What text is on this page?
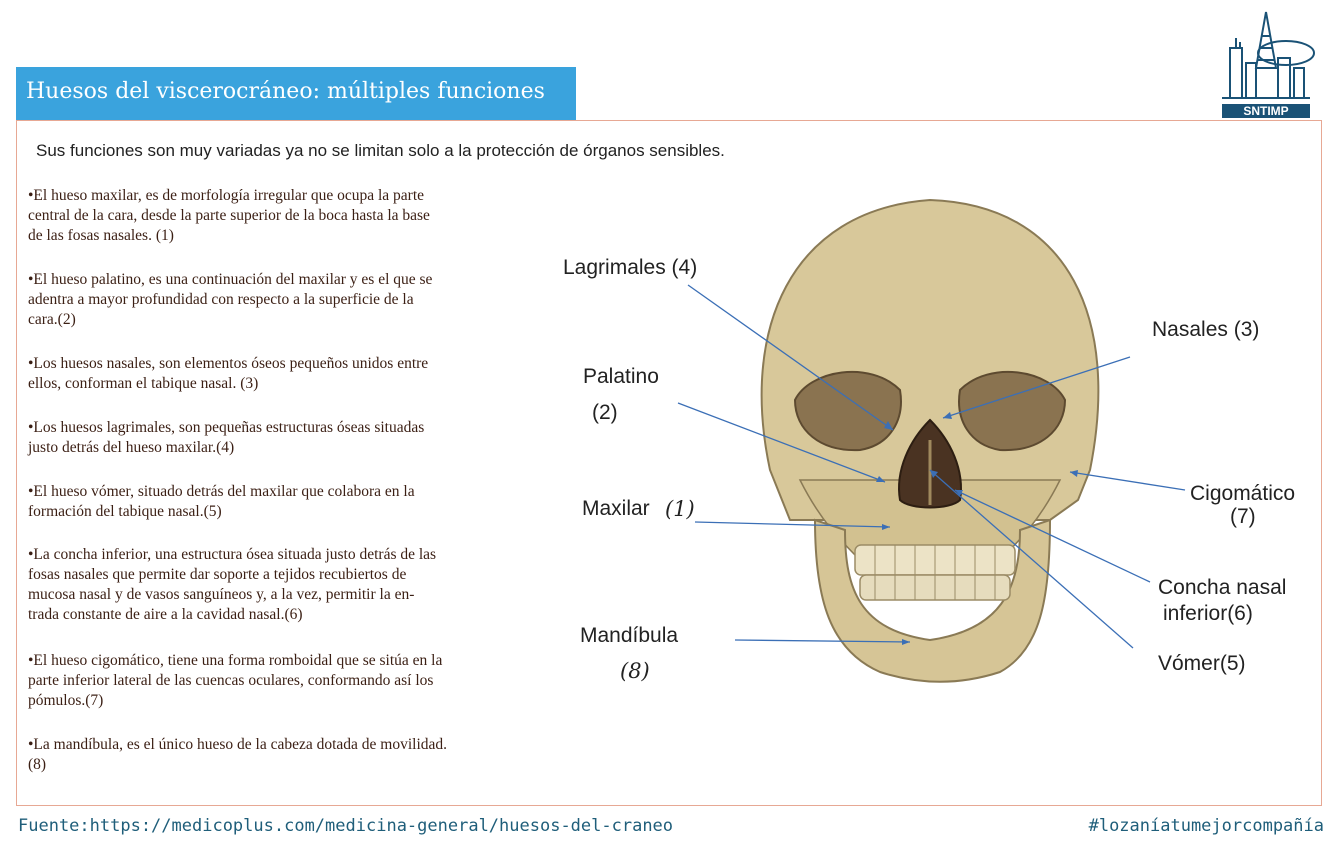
Huesos del viscerocráneo: múltiples funciones
SNTIMP
Sus funciones son muy variadas ya no se limitan solo a la protección de órganos sensibles.
•El hueso maxilar, es de morfología irregular que ocupa la parte
central de la cara, desde la parte superior de la boca hasta la base
de las fosas nasales. (1)
•El hueso palatino, es una continuación del maxilar y es el que se
adentra a mayor profundidad con respecto a la superficie de la
cara.(2)
•Los huesos nasales, son elementos óseos pequeños unidos entre
ellos, conforman el tabique nasal. (3)
•Los huesos lagrimales, son pequeñas estructuras óseas situadas
justo detrás del hueso maxilar.(4)
•El hueso vómer, situado detrás del maxilar que colabora en la
formación del tabique nasal.(5)
•La concha inferior, una estructura ósea situada justo detrás de las
fosas nasales que permite dar soporte a tejidos recubiertos de
mucosa nasal y de vasos sanguíneos y, a la vez, permitir la en-
trada constante de aire a la cavidad nasal.(6)
•El hueso cigomático, tiene una forma romboidal que se sitúa en la
parte inferior lateral de las cuencas oculares, conformando así los
pómulos.(7)
•La mandíbula, es el único hueso de la cabeza dotada de movilidad.
(8)
Lagrimales (4)
Palatino
(2)
Maxilar (1)
Mandíbula
(8)
Nasales (3)
Cigomático
(7)
Concha nasal
inferior(6)
Vómer(5)
Fuente:https://medicoplus.com/medicina-general/huesos-del-craneo	#lozaníatumejorcompañía
